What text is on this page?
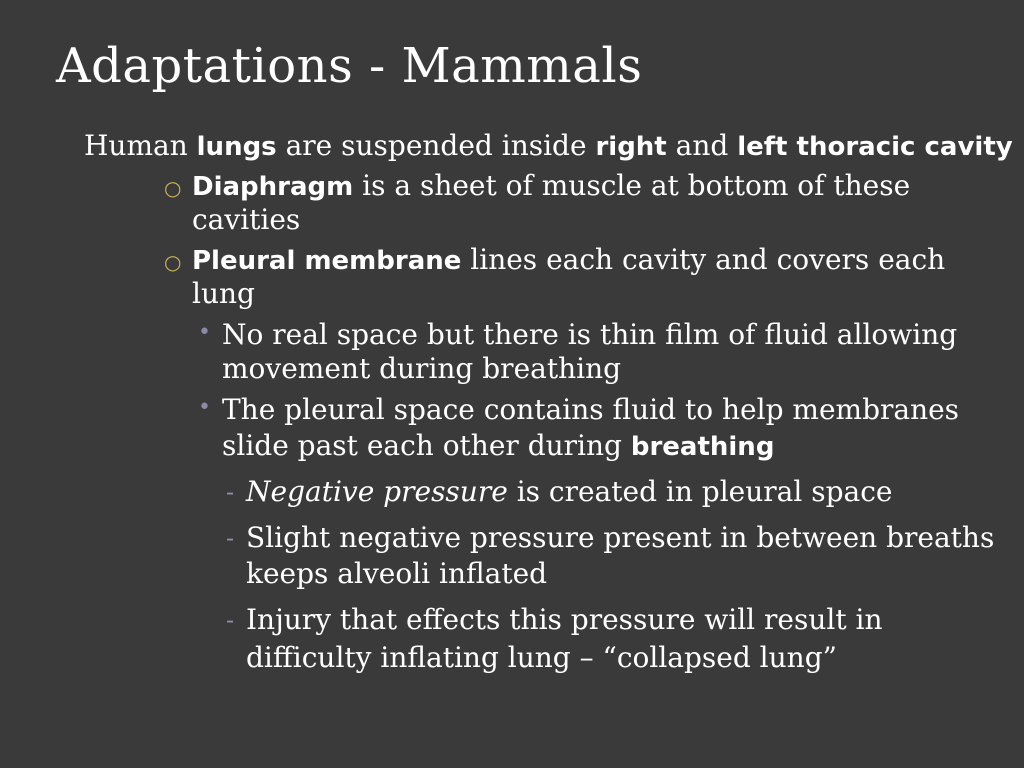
Adaptations - Mammals
Human lungs are suspended inside right and left thoracic cavity
○ Diaphragm is a sheet of muscle at bottom of these
cavities
○ Pleural membrane lines each cavity and covers each
lung
• No real space but there is thin film of fluid allowing
movement during breathing
• The pleural space contains fluid to help membranes
slide past each other during breathing
- Negative pressure is created in pleural space
- Slight negative pressure present in between breaths
keeps alveoli inflated
- Injury that effects this pressure will result in
difficulty inflating lung – “collapsed lung”
